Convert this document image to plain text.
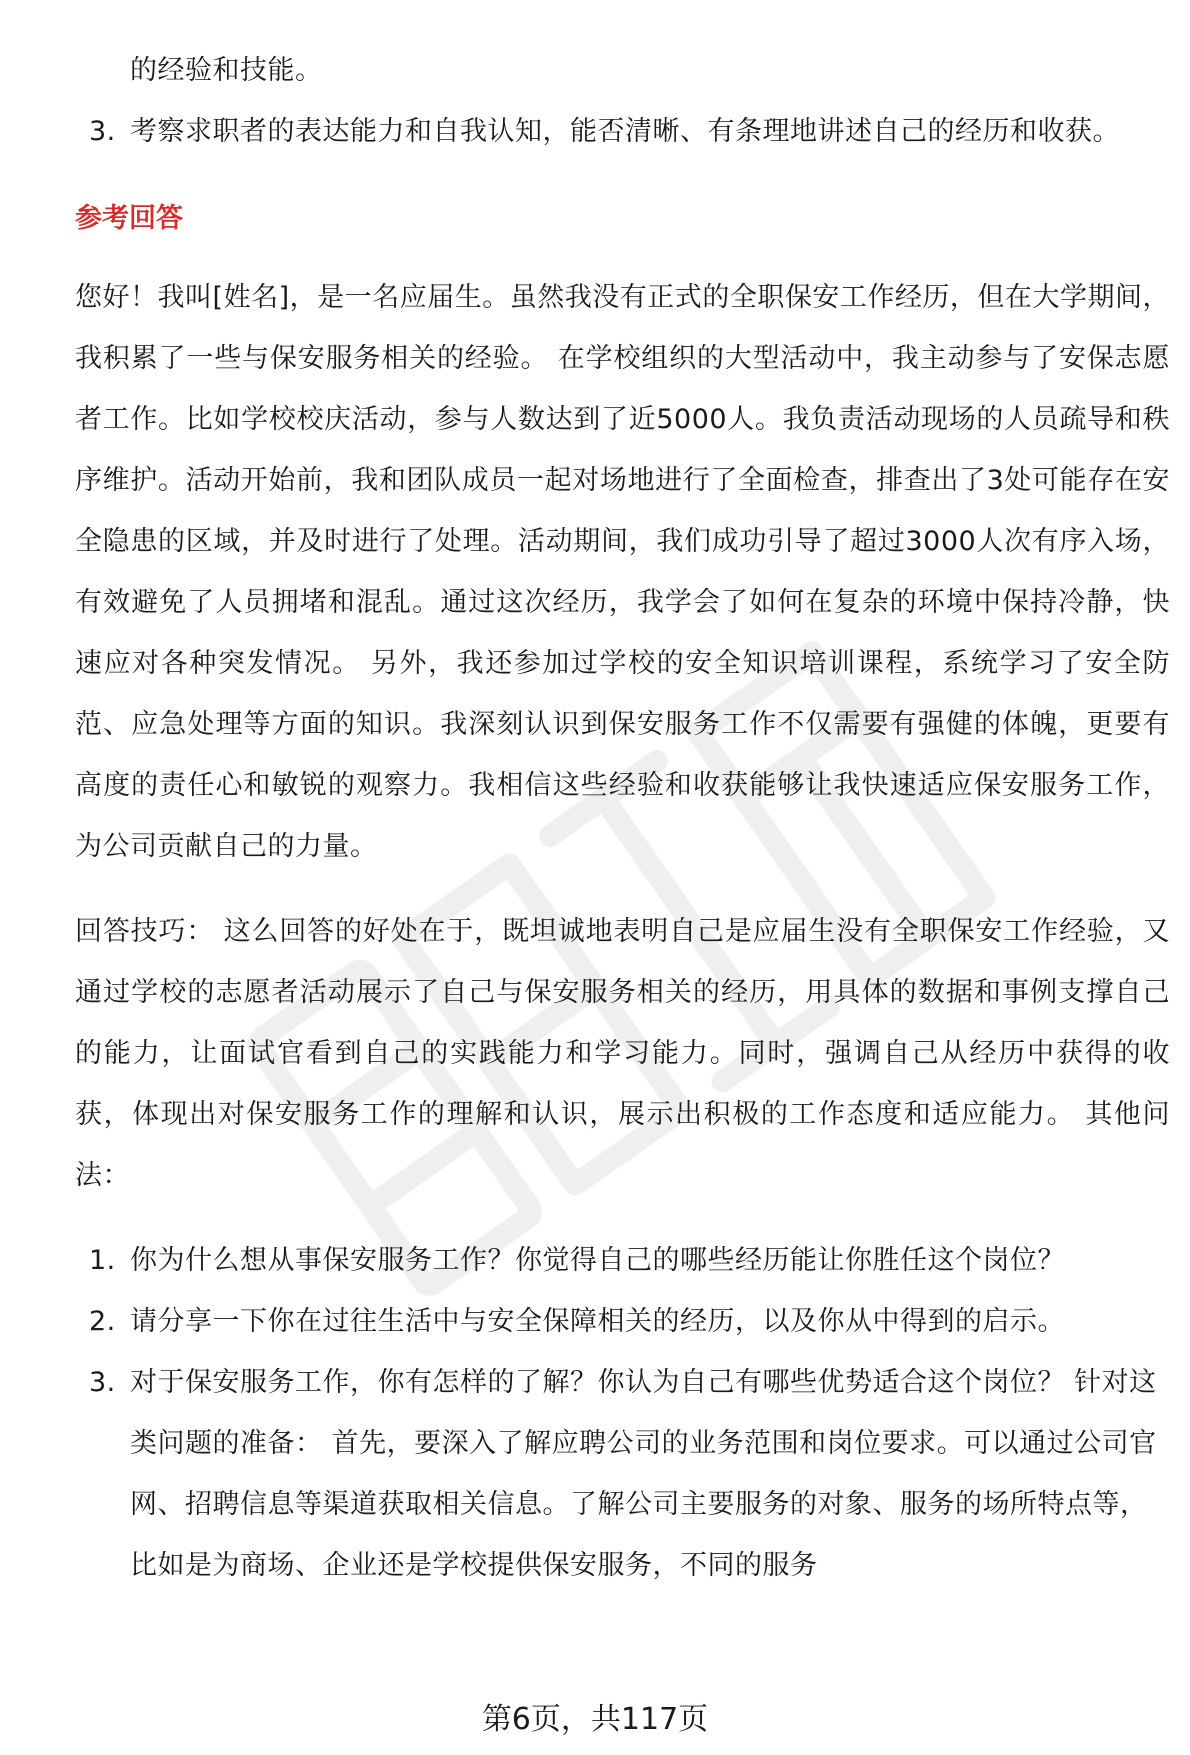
的经验和技能。

3. 考察求职者的表达能力和自我认知，能否清晰、有条理地讲述自己的经历和收获。
参考回答

您好！我叫[姓名]，是一名应届生。虽然我没有正式的全职保安工作经历，但在大学期间，我积累了一些与保安服务相关的经验。 在学校组织的大型活动中，我主动参与了安保志愿者工作。比如学校校庆活动，参与人数达到了近5000人。我负责活动现场的人员疏导和秩序维护。活动开始前，我和团队成员一起对场地进行了全面检查，排查出了3处可能存在安全隐患的区域，并及时进行了处理。活动期间，我们成功引导了超过3000人次有序入场，有效避免了人员拥堵和混乱。通过这次经历，我学会了如何在复杂的环境中保持冷静，快速应对各种突发情况。 另外，我还参加过学校的安全知识培训课程，系统学习了安全防范、应急处理等方面的知识。我深刻认识到保安服务工作不仅需要有强健的体魄，更要有高度的责任心和敏锐的观察力。我相信这些经验和收获能够让我快速适应保安服务工作，为公司贡献自己的力量。

回答技巧： 这么回答的好处在于，既坦诚地表明自己是应届生没有全职保安工作经验，又通过学校的志愿者活动展示了自己与保安服务相关的经历，用具体的数据和事例支撑自己的能力，让面试官看到自己的实践能力和学习能力。同时，强调自己从经历中获得的收获，体现出对保安服务工作的理解和认识，展示出积极的工作态度和适应能力。 其他问法：

1. 你为什么想从事保安服务工作？你觉得自己的哪些经历能让你胜任这个岗位？
2. 请分享一下你在过往生活中与安全保障相关的经历，以及你从中得到的启示。
3. 对于保安服务工作，你有怎样的了解？你认为自己有哪些优势适合这个岗位？ 针对这类问题的准备： 首先，要深入了解应聘公司的业务范围和岗位要求。可以通过公司官网、招聘信息等渠道获取相关信息。了解公司主要服务的对象、服务的场所特点等，比如是为商场、企业还是学校提供保安服务，不同的服务
第6页，共117页
